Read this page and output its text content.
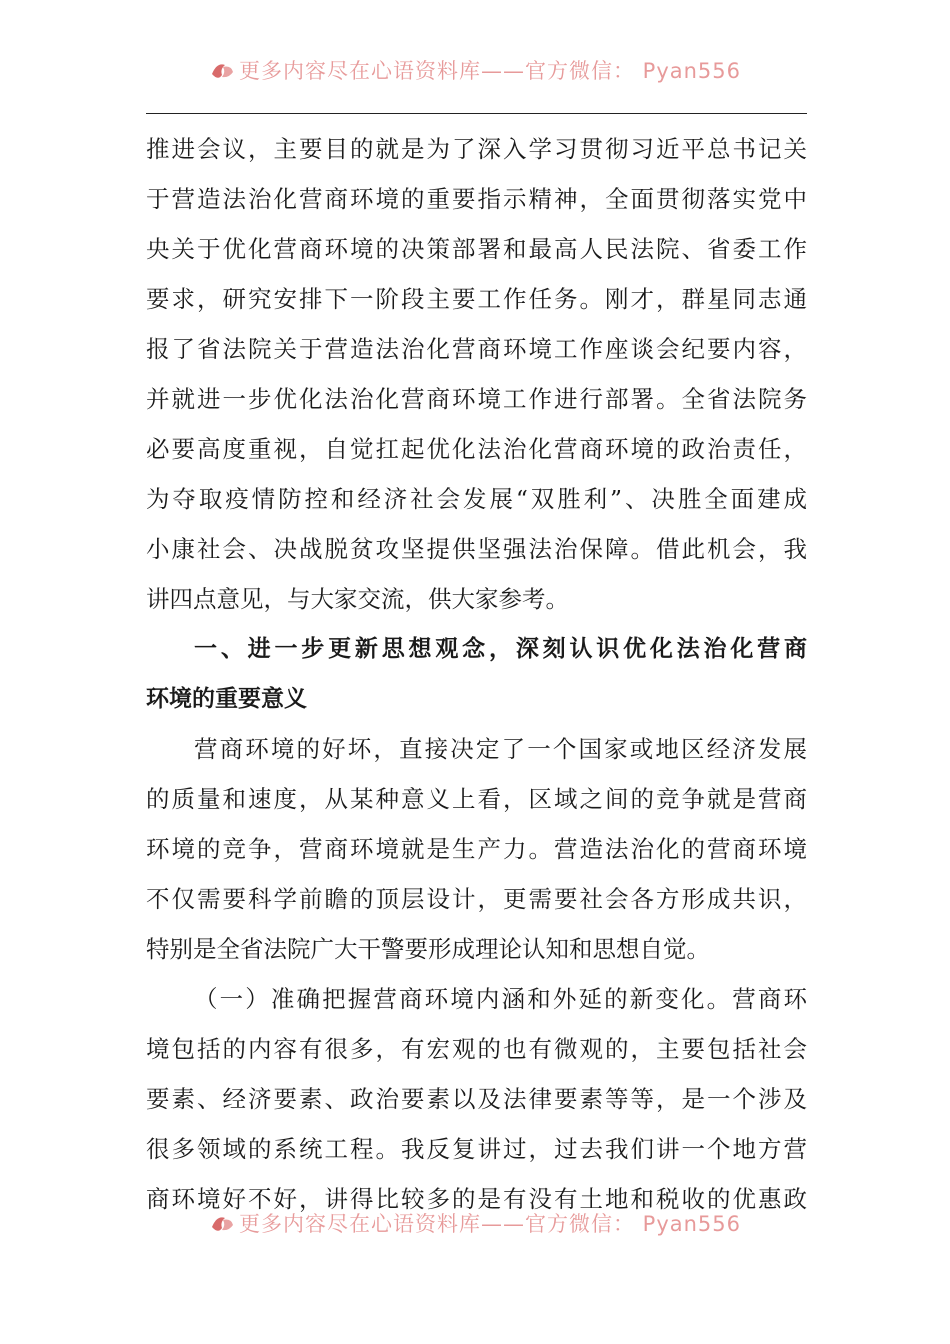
更多内容尽在心语资料库——官方微信： Pyan556
推进会议，主要目的就是为了深入学习贯彻习近平总书记关
于营造法治化营商环境的重要指示精神，全面贯彻落实党中
央关于优化营商环境的决策部署和最高人民法院、省委工作
要求，研究安排下一阶段主要工作任务。刚才，群星同志通
报了省法院关于营造法治化营商环境工作座谈会纪要内容，
并就进一步优化法治化营商环境工作进行部署。全省法院务
必要高度重视，自觉扛起优化法治化营商环境的政治责任，
为夺取疫情防控和经济社会发展“双胜利”、决胜全面建成
小康社会、决战脱贫攻坚提供坚强法治保障。借此机会，我
讲四点意见，与大家交流，供大家参考。
一、进一步更新思想观念，深刻认识优化法治化营商
环境的重要意义
营商环境的好坏，直接决定了一个国家或地区经济发展
的质量和速度，从某种意义上看，区域之间的竞争就是营商
环境的竞争，营商环境就是生产力。营造法治化的营商环境
不仅需要科学前瞻的顶层设计，更需要社会各方形成共识，
特别是全省法院广大干警要形成理论认知和思想自觉。
（一）准确把握营商环境内涵和外延的新变化。营商环
境包括的内容有很多，有宏观的也有微观的，主要包括社会
要素、经济要素、政治要素以及法律要素等等，是一个涉及
很多领域的系统工程。我反复讲过，过去我们讲一个地方营
商环境好不好，讲得比较多的是有没有土地和税收的优惠政
更多内容尽在心语资料库——官方微信： Pyan556
